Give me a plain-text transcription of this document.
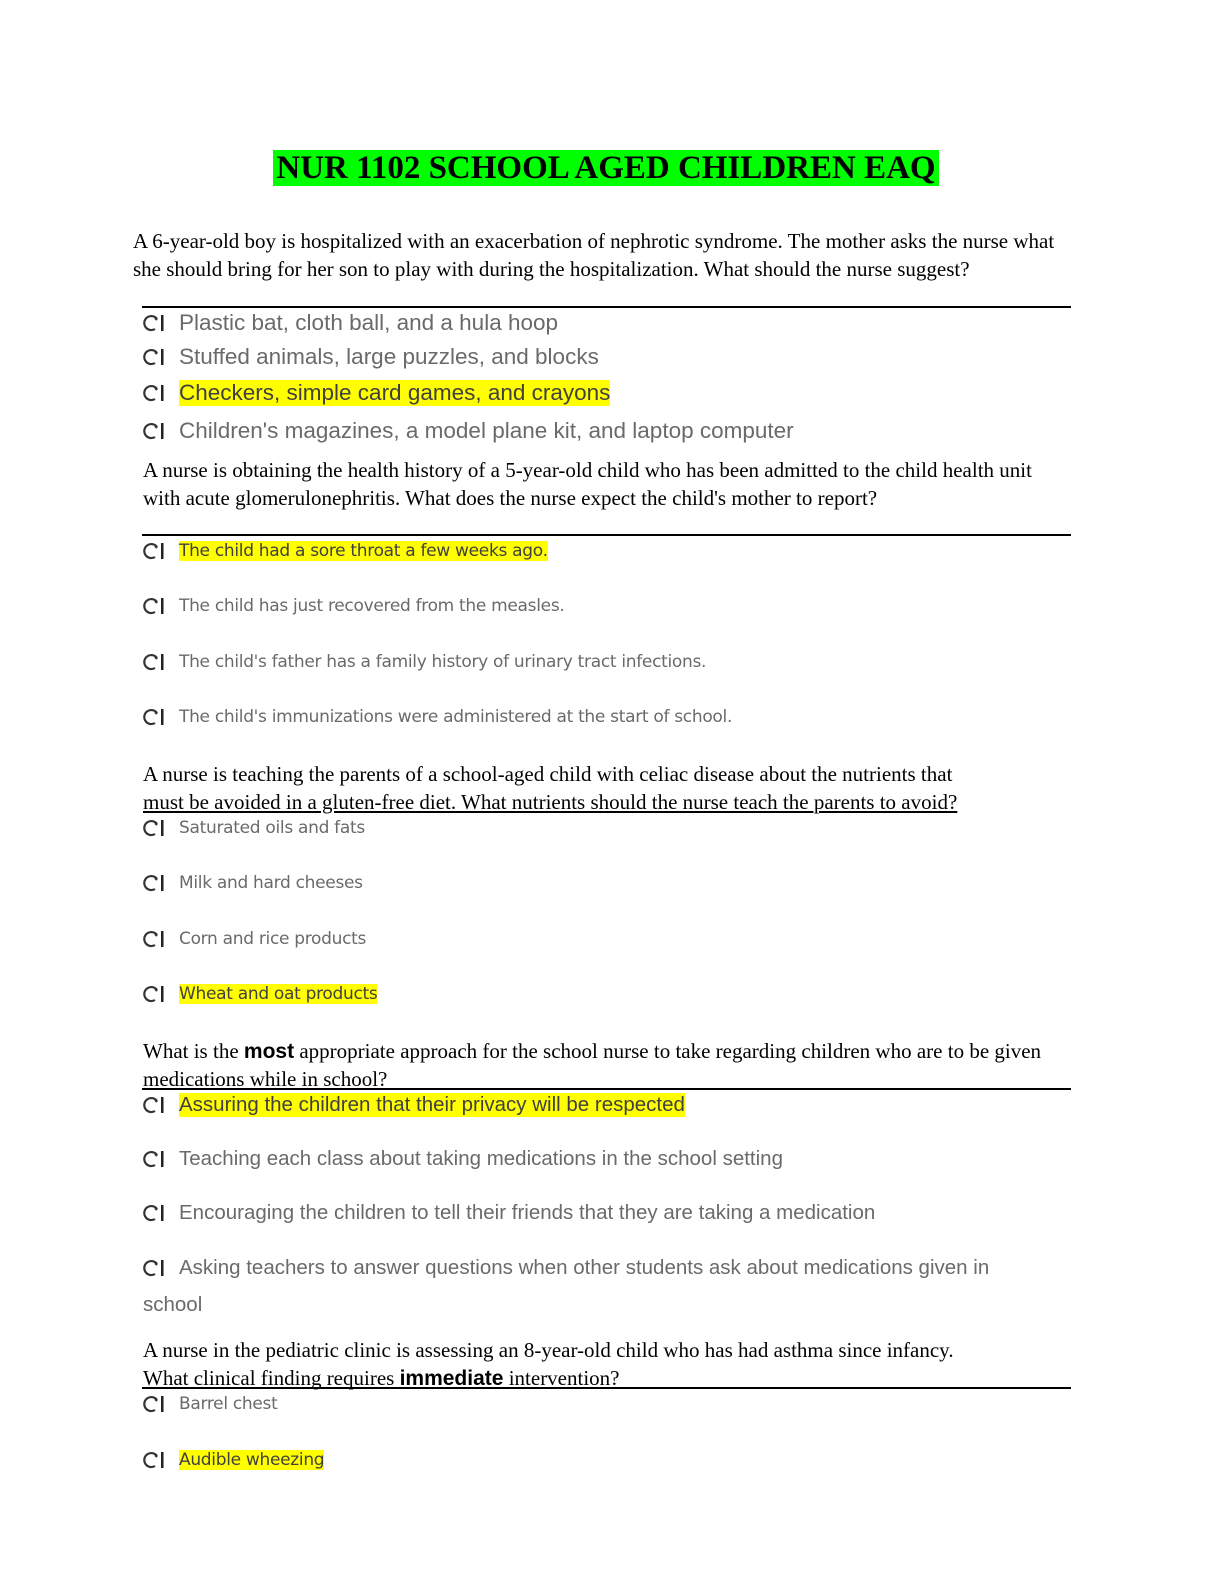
NUR 1102 SCHOOL AGED CHILDREN EAQ
A 6-year-old boy is hospitalized with an exacerbation of nephrotic syndrome. The mother asks the nurse what she should bring for her son to play with during the hospitalization. What should the nurse suggest?
Plastic bat, cloth ball, and a hula hoop
Stuffed animals, large puzzles, and blocks
Checkers, simple card games, and crayons
Children's magazines, a model plane kit, and laptop computer
A nurse is obtaining the health history of a 5-year-old child who has been admitted to the child health unit with acute glomerulonephritis. What does the nurse expect the child's mother to report?
The child had a sore throat a few weeks ago.
The child has just recovered from the measles.
The child's father has a family history of urinary tract infections.
The child's immunizations were administered at the start of school.
A nurse is teaching the parents of a school-aged child with celiac disease about the nutrients that
must be avoided in a gluten-free diet. What nutrients should the nurse teach the parents to avoid?
Saturated oils and fats
Milk and hard cheeses
Corn and rice products
Wheat and oat products
What is the most appropriate approach for the school nurse to take regarding children who are to be given medications while in school?
Assuring the children that their privacy will be respected
Teaching each class about taking medications in the school setting
Encouraging the children to tell their friends that they are taking a medication
Asking teachers to answer questions when other students ask about medications given in
school
A nurse in the pediatric clinic is assessing an 8-year-old child who has had asthma since infancy.
What clinical finding requires immediate intervention?
Barrel chest
Audible wheezing
